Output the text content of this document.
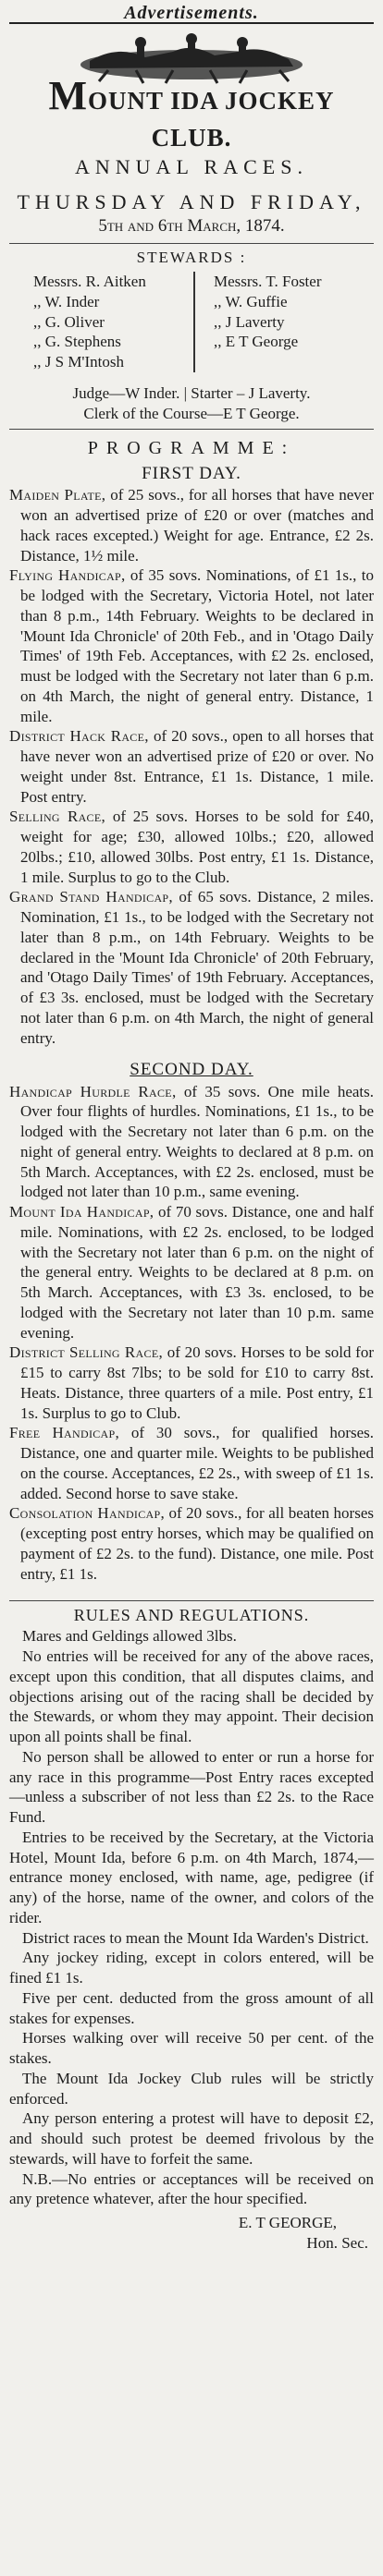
Advertisements.
MOUNT IDA JOCKEY CLUB.
ANNUAL RACES.
THURSDAY AND FRIDAY,
5th and 6th March, 1874.
STEWARDS :
Messrs. R. Aitken
,, W. Inder
,, G. Oliver
,, G. Stephens
,, J S M'Intosh
Messrs. T. Foster
,, W. Guffie
,, J Laverty
,, E T George
Judge—W Inder. | Starter – J Laverty.
Clerk of the Course—E T George.
PROGRAMME:
FIRST DAY.

Maiden Plate, of 25 sovs., for all horses that have never won an advertised prize of £20 or over (matches and hack races excepted.) Weight for age. Entrance, £2 2s. Distance, 1½ mile.

Flying Handicap, of 35 sovs. Nominations, of £1 1s., to be lodged with the Secretary, Victoria Hotel, not later than 8 p.m., 14th February. Weights to be declared in 'Mount Ida Chronicle' of 20th Feb., and in 'Otago Daily Times' of 19th Feb. Acceptances, with £2 2s. enclosed, must be lodged with the Secretary not later than 6 p.m. on 4th March, the night of general entry. Distance, 1 mile.

District Hack Race, of 20 sovs., open to all horses that have never won an advertised prize of £20 or over. No weight under 8st. Entrance, £1 1s. Distance, 1 mile. Post entry.

Selling Race, of 25 sovs. Horses to be sold for £40, weight for age; £30, allowed 10lbs.; £20, allowed 20lbs.; £10, allowed 30lbs. Post entry, £1 1s. Distance, 1 mile. Surplus to go to the Club.

Grand Stand Handicap, of 65 sovs. Distance, 2 miles. Nomination, £1 1s., to be lodged with the Secretary not later than 8 p.m., on 14th February. Weights to be declared in the 'Mount Ida Chronicle' of 20th February, and 'Otago Daily Times' of 19th February. Acceptances, of £3 3s. enclosed, must be lodged with the Secretary not later than 6 p.m. on 4th March, the night of general entry.

SECOND DAY.

Handicap Hurdle Race, of 35 sovs. One mile heats. Over four flights of hurdles. Nominations, £1 1s., to be lodged with the Secretary not later than 6 p.m. on the night of general entry. Weights to declared at 8 p.m. on 5th March. Acceptances, with £2 2s. enclosed, must be lodged not later than 10 p.m., same evening.

Mount Ida Handicap, of 70 sovs. Distance, one and half mile. Nominations, with £2 2s. enclosed, to be lodged with the Secretary not later than 6 p.m. on the night of the general entry. Weights to be declared at 8 p.m. on 5th March. Acceptances, with £3 3s. enclosed, to be lodged with the Secretary not later than 10 p.m. same evening.

District Selling Race, of 20 sovs. Horses to be sold for £15 to carry 8st 7lbs; to be sold for £10 to carry 8st. Heats. Distance, three quarters of a mile. Post entry, £1 1s. Surplus to go to Club.

Free Handicap, of 30 sovs., for qualified horses. Distance, one and quarter mile. Weights to be published on the course. Acceptances, £2 2s., with sweep of £1 1s. added. Second horse to save stake.

Consolation Handicap, of 20 sovs., for all beaten horses (excepting post entry horses, which may be qualified on payment of £2 2s. to the fund). Distance, one mile. Post entry, £1 1s.

RULES AND REGULATIONS.

Mares and Geldings allowed 3lbs.

No entries will be received for any of the above races, except upon this condition, that all disputes claims, and objections arising out of the racing shall be decided by the Stewards, or whom they may appoint. Their decision upon all points shall be final.

No person shall be allowed to enter or run a horse for any race in this programme—Post Entry races excepted—unless a subscriber of not less than £2 2s. to the Race Fund.

Entries to be received by the Secretary, at the Victoria Hotel, Mount Ida, before 6 p.m. on 4th March, 1874,—entrance money enclosed, with name, age, pedigree (if any) of the horse, name of the owner, and colors of the rider.

District races to mean the Mount Ida Warden's District.

Any jockey riding, except in colors entered, will be fined £1 1s.

Five per cent. deducted from the gross amount of all stakes for expenses.

Horses walking over will receive 50 per cent. of the stakes.

The Mount Ida Jockey Club rules will be strictly enforced.

Any person entering a protest will have to deposit £2, and should such protest be deemed frivolous by the stewards, will have to forfeit the same.

N.B.—No entries or acceptances will be received on any pretence whatever, after the hour specified.

E. T GEORGE,
Hon. Sec.
